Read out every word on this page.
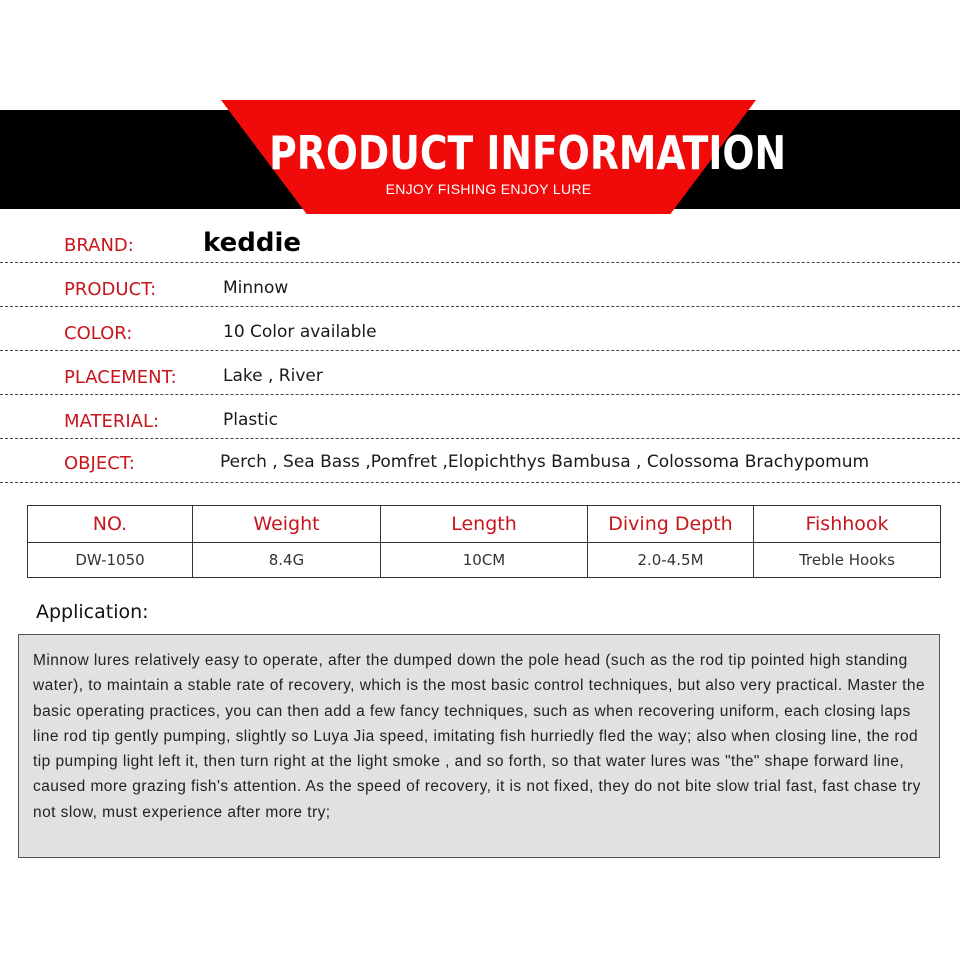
PRODUCT INFORMATION
ENJOY FISHING ENJOY LURE
BRAND:	keddie
PRODUCT:	Minnow
COLOR:	10 Color available
PLACEMENT:	Lake , River
MATERIAL:	Plastic
OBJECT:	Perch , Sea Bass ,Pomfret ,Elopichthys Bambusa , Colossoma Brachypomum
NO.	Weight	Length	Diving Depth	Fishhook
DW-1050	8.4G	10CM	2.0-4.5M	Treble Hooks
Application:

Minnow lures relatively easy to operate, after the dumped down the pole head (such as the rod tip pointed high standing water), to maintain a stable rate of recovery, which is the most basic control techniques, but also very practical. Master the basic operating practices, you can then add a few fancy techniques, such as when recovering uniform, each closing laps line rod tip gently pumping, slightly so Luya Jia speed, imitating fish hurriedly fled the way; also when closing line, the rod tip pumping light left it, then turn right at the light smoke , and so forth, so that water lures was "the" shape forward line, caused more grazing fish's attention. As the speed of recovery, it is not fixed, they do not bite slow trial fast, fast chase try not slow, must experience after more try;
